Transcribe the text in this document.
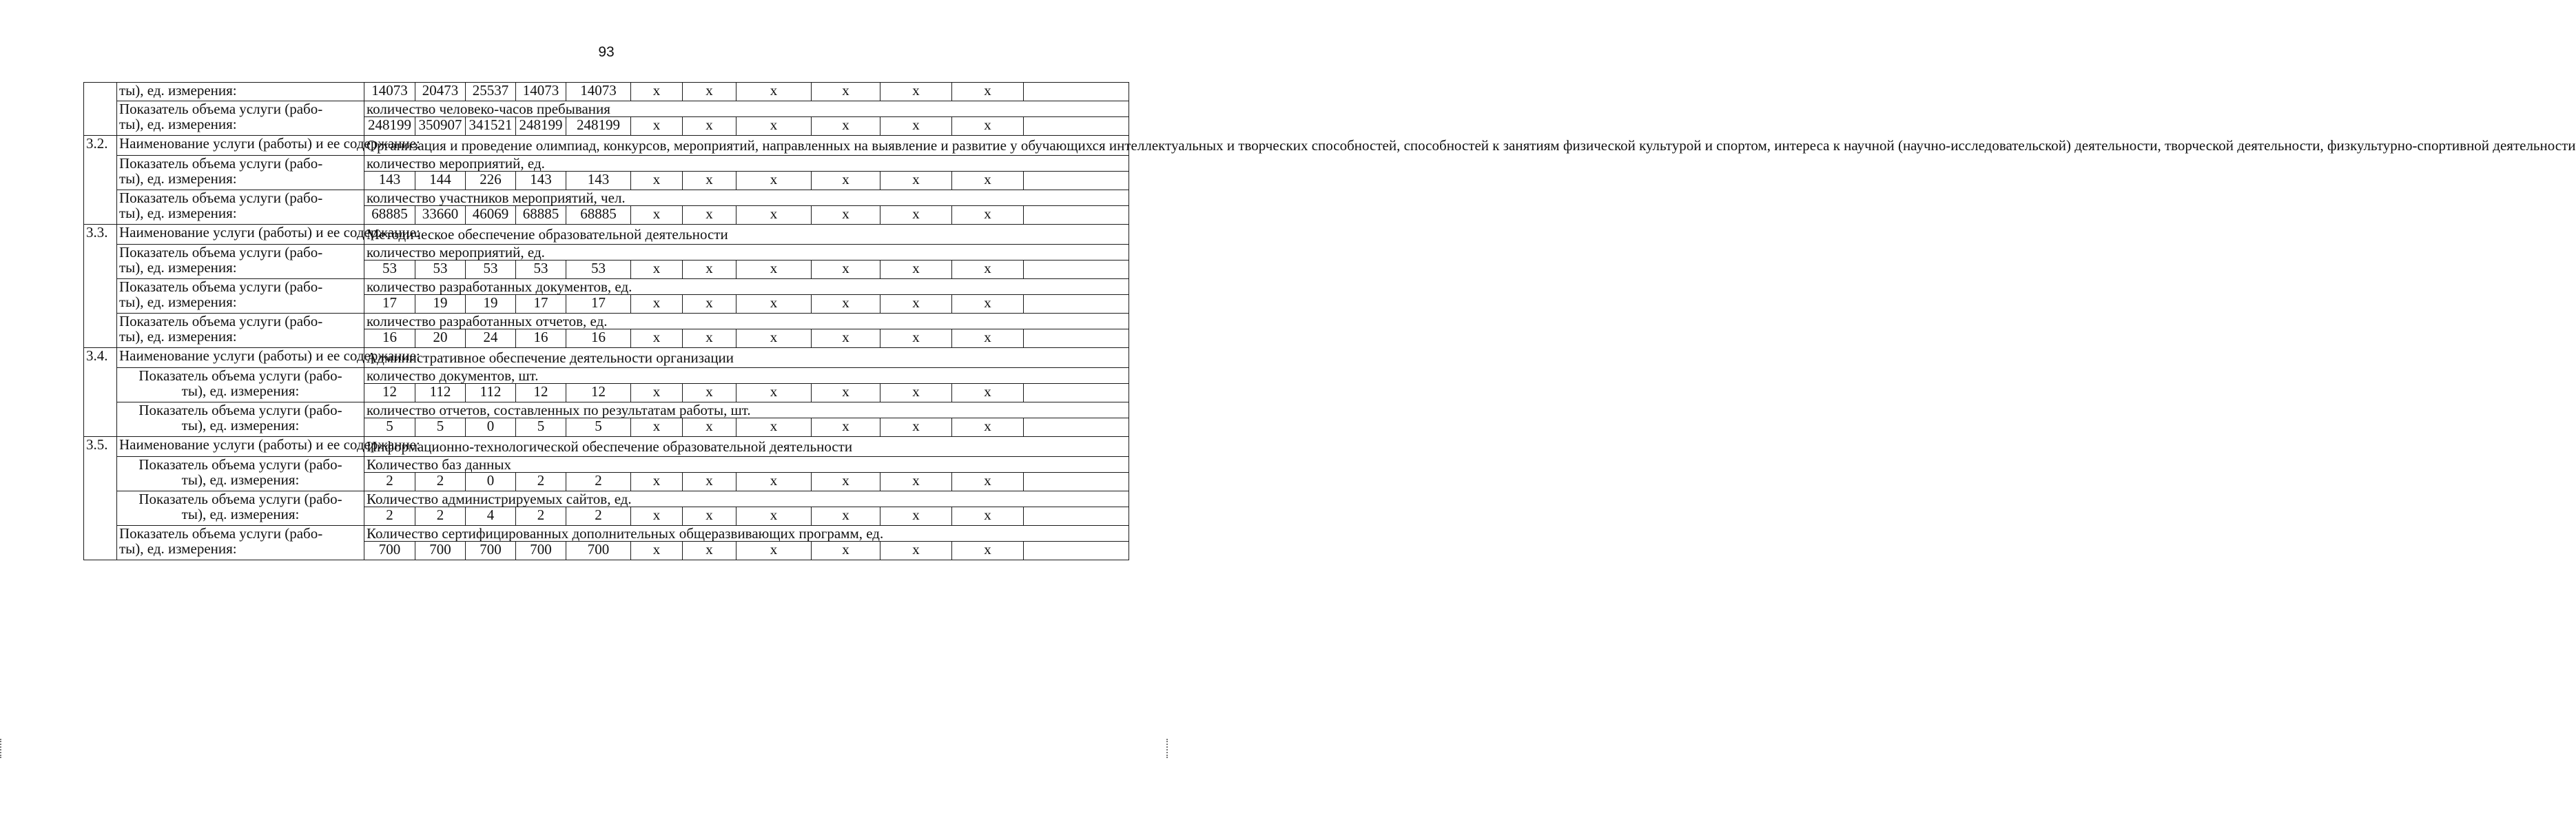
93
	ты), ед. измерения:	14073	20473	25537	14073	14073	x	x	x	x	x	x	

	Показатель объема услуги (рабо-
ты), ед. измерения:	количество человеко-часов пребывания											
		248199	350907	341521	248199	248199	x	x	x	x	x	x	
3.2.	Наименование услуги (работы) и ее содержание:	Организация и проведение олимпиад, конкурсов, мероприятий, направленных на выявление и развитие у обучающихся интеллектуальных и творческих способностей, способностей к занятиям физической культурой и спортом, интереса к научной (научно-исследовательской) деятельности, творческой деятельности, физкультурно-спортивной деятельности											

	Показатель объема услуги (рабо-
ты), ед. измерения:	количество мероприятий, ед.											
		143	144	226	143	143	x	x	x	x	x	x	

	Показатель объема услуги (рабо-
ты), ед. измерения:	количество участников мероприятий, чел.											
		68885	33660	46069	68885	68885	x	x	x	x	x	x	
3.3.	Наименование услуги (работы) и ее содержание:	Методическое обеспечение образовательной деятельности											

	Показатель объема услуги (рабо-
ты), ед. измерения:	количество мероприятий, ед.											
		53	53	53	53	53	x	x	x	x	x	x	

	Показатель объема услуги (рабо-
ты), ед. измерения:	количество разработанных документов, ед.											
		17	19	19	17	17	x	x	x	x	x	x	

	Показатель объема услуги (рабо-
ты), ед. измерения:	количество разработанных отчетов, ед.											
		16	20	24	16	16	x	x	x	x	x	x	
3.4.	Наименование услуги (работы) и ее содержание:	Административное обеспечение деятельности организации											

	Показатель объема услуги (рабо-
ты), ед. измерения:	количество документов, шт.											
		12	112	112	12	12	x	x	x	x	x	x	

	Показатель объема услуги (рабо-
ты), ед. измерения:	количество отчетов, составленных по результатам работы, шт.											
		5	5	0	5	5	x	x	x	x	x	x	
3.5.	Наименование услуги (работы) и ее содержание:	Информационно-технологической обеспечение образовательной деятельности											

	Показатель объема услуги (рабо-
ты), ед. измерения:	Количество баз данных											
		2	2	0	2	2	x	x	x	x	x	x	

	Показатель объема услуги (рабо-
ты), ед. измерения:	Количество администрируемых сайтов, ед.											
		2	2	4	2	2	x	x	x	x	x	x	

	Показатель объема услуги (рабо-
ты), ед. измерения:	Количество сертифицированных дополнительных общеразвивающих программ, ед.											
		700	700	700	700	700	x	x	x	x	x	x	
